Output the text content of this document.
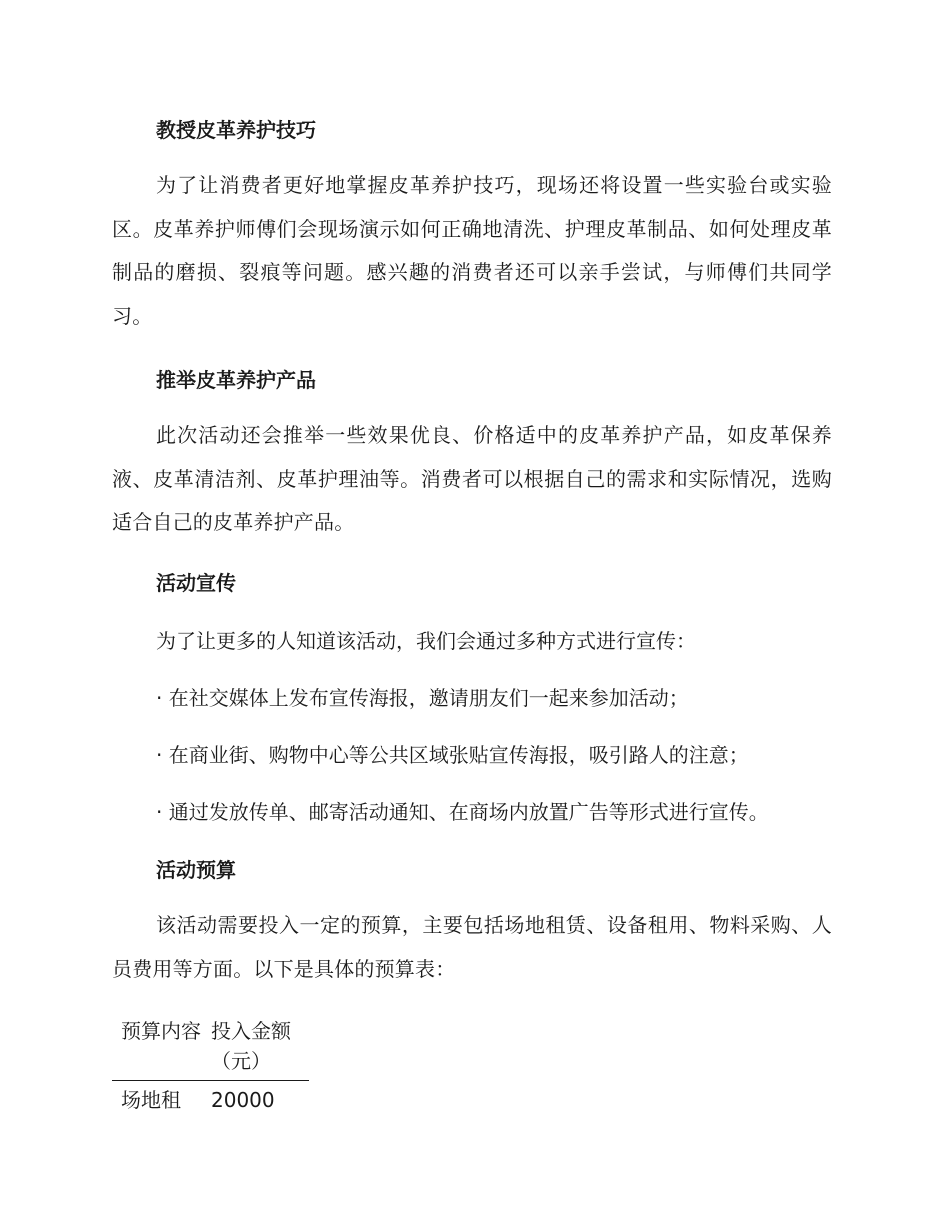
教授皮革养护技巧
为了让消费者更好地掌握皮革养护技巧，现场还将设置一些实验台或实验区。皮革养护师傅们会现场演示如何正确地清洗、护理皮革制品、如何处理皮革制品的磨损、裂痕等问题。感兴趣的消费者还可以亲手尝试，与师傅们共同学习。
推举皮革养护产品
此次活动还会推举一些效果优良、价格适中的皮革养护产品，如皮革保养液、皮革清洁剂、皮革护理油等。消费者可以根据自己的需求和实际情况，选购适合自己的皮革养护产品。
活动宣传
为了让更多的人知道该活动，我们会通过多种方式进行宣传：
· 在社交媒体上发布宣传海报，邀请朋友们一起来参加活动；
· 在商业街、购物中心等公共区域张贴宣传海报，吸引路人的注意；
· 通过发放传单、邮寄活动通知、在商场内放置广告等形式进行宣传。
活动预算
该活动需要投入一定的预算，主要包括场地租赁、设备租用、物料采购、人员费用等方面。以下是具体的预算表：
预算内容	投入金额（元）
场地租	20000
